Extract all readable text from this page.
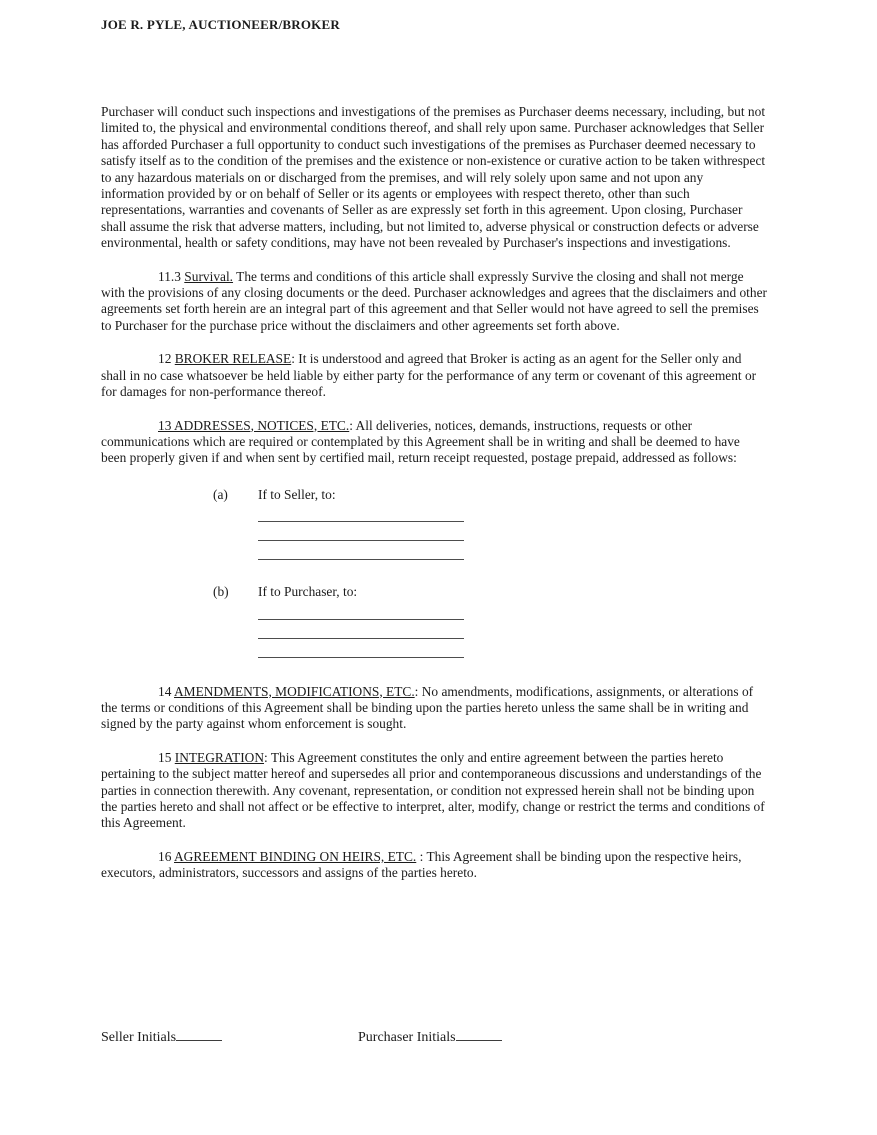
JOE R. PYLE, AUCTIONEER/BROKER

Purchaser will conduct such inspections and investigations of the premises as Purchaser deems necessary, including, but not limited to, the physical and environmental conditions thereof, and shall rely upon same. Purchaser acknowledges that Seller has afforded Purchaser a full opportunity to conduct such investigations of the premises as Purchaser deemed necessary to satisfy itself as to the condition of the premises and the existence or non-existence or curative action to be taken withrespect to any hazardous materials on or discharged from the premises, and will rely solely upon same and not upon any information provided by or on behalf of Seller or its agents or employees with respect thereto, other than such representations, warranties and covenants of Seller as are expressly set forth in this agreement. Upon closing, Purchaser shall assume the risk that adverse matters, including, but not limited to, adverse physical or construction defects or adverse environmental, health or safety conditions, may have not been revealed by Purchaser's inspections and investigations.

11.3 Survival. The terms and conditions of this article shall expressly Survive the closing and shall not merge with the provisions of any closing documents or the deed. Purchaser acknowledges and agrees that the disclaimers and other agreements set forth herein are an integral part of this agreement and that Seller would not have agreed to sell the premises to Purchaser for the purchase price without the disclaimers and other agreements set forth above.

12 BROKER RELEASE: It is understood and agreed that Broker is acting as an agent for the Seller only and shall in no case whatsoever be held liable by either party for the performance of any term or covenant of this agreement or for damages for non-performance thereof.

13 ADDRESSES, NOTICES, ETC.: All deliveries, notices, demands, instructions, requests or other communications which are required or contemplated by this Agreement shall be in writing and shall be deemed to have been properly given if and when sent by certified mail, return receipt requested, postage prepaid, addressed as follows:

(a)	If to Seller, to:
(b)	If to Purchaser, to:

14 AMENDMENTS, MODIFICATIONS, ETC.: No amendments, modifications, assignments, or alterations of the terms or conditions of this Agreement shall be binding upon the parties hereto unless the same shall be in writing and signed by the party against whom enforcement is sought.

15 INTEGRATION: This Agreement constitutes the only and entire agreement between the parties hereto pertaining to the subject matter hereof and supersedes all prior and contemporaneous discussions and understandings of the parties in connection therewith. Any covenant, representation, or condition not expressed herein shall not be binding upon the parties hereto and shall not affect or be effective to interpret, alter, modify, change or restrict the terms and conditions of this Agreement.

16 AGREEMENT BINDING ON HEIRS, ETC. : This Agreement shall be binding upon the respective heirs, executors, administrators, successors and assigns of the parties hereto.

Seller Initials	Purchaser Initials
